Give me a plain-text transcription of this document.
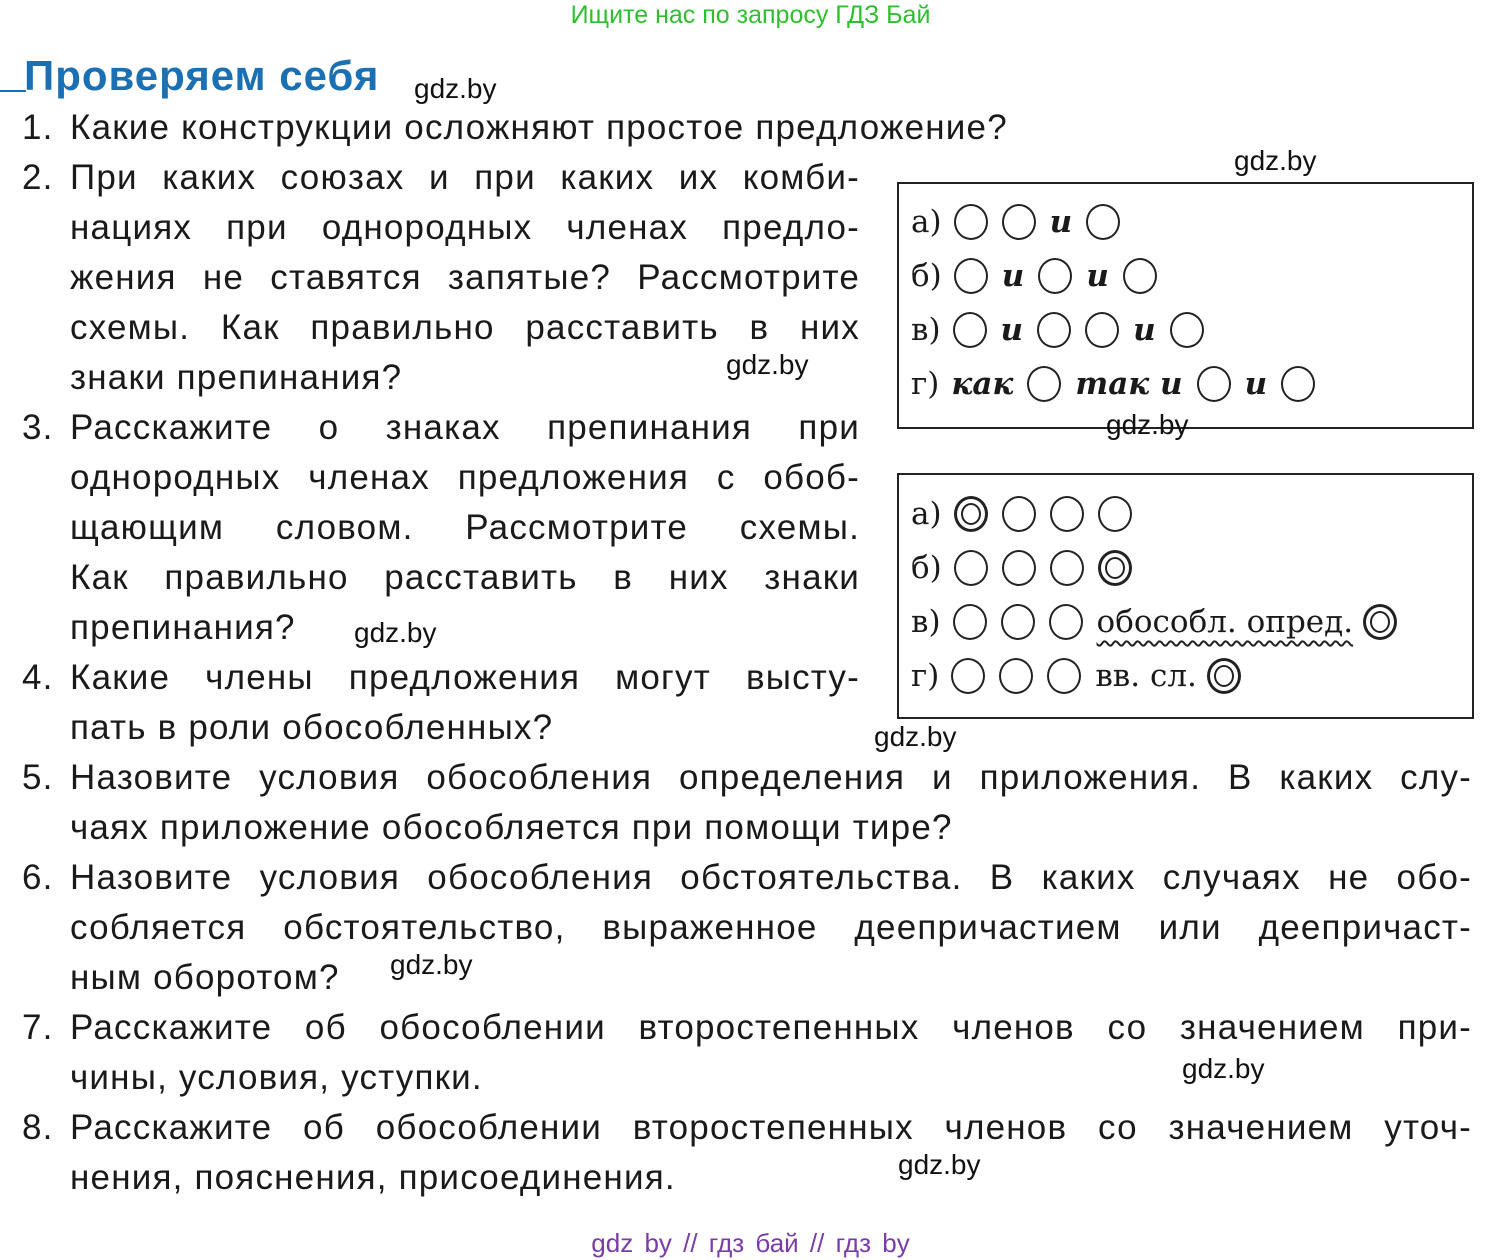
Ищите нас по запросу ГДЗ Бай
Проверяем себя
1. Какие конструкции осложняют простое предложение?
2. При каких союзах и при каких их комби-
нациях при однородных членах предло-
жения не ставятся запятые? Рассмотрите
схемы. Как правильно расставить в них
знаки препинания?
3. Расскажите о знаках препинания при
однородных членах предложения с обоб-
щающим словом. Рассмотрите схемы.
Как правильно расставить в них знаки
препинания?
4. Какие члены предложения могут высту-
пать в роли обособленных?
5. Назовите условия обособления определения и приложения. В каких слу-
чаях приложение обособляется при помощи тире?
6. Назовите условия обособления обстоятельства. В каких случаях не обо-
собляется обстоятельство, выраженное деепричастием или деепричаст-
ным оборотом?
7. Расскажите об обособлении второстепенных членов со значением при-
чины, условия, уступки.
8. Расскажите об обособлении второстепенных членов со значением уточ-
нения, пояснения, присоединения.
а)	и
б) и и
в) и	и
г) как так и и
а)
б)
в)	обособл. опред.
г)	вв. сл.
gdz.by
gdz.by
gdz.by
gdz.by
gdz.by
gdz.by
gdz.by
gdz.by
gdz.by
gdz by // гдз бай // гдз by
